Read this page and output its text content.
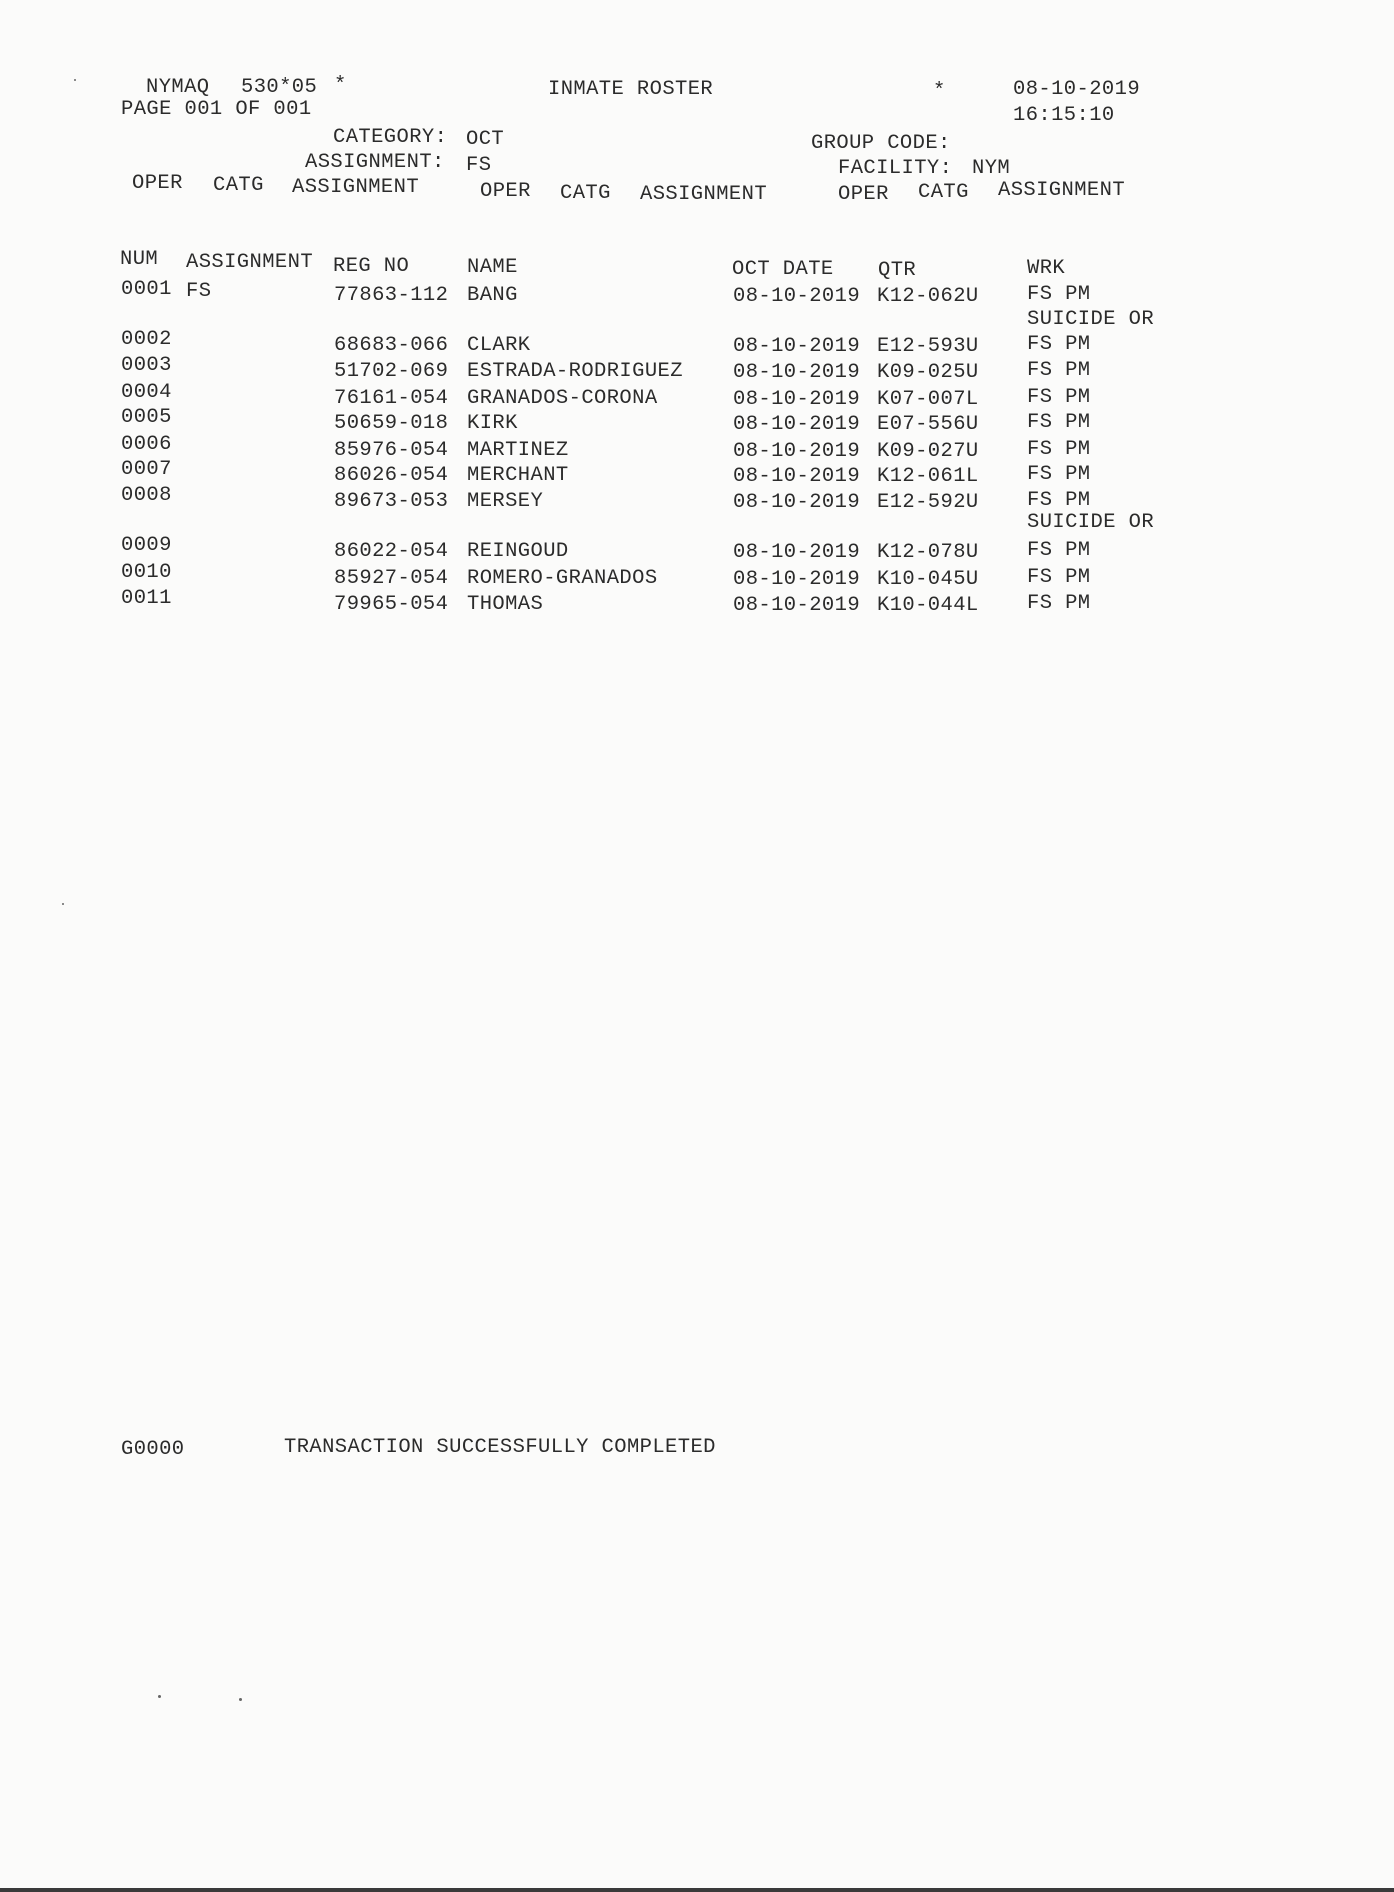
NYMAQ 530*05 *
PAGE 001 OF 001
INMATE ROSTER	*	08-10-2019
16:15:10
CATEGORY: OCT
ASSIGNMENT: FS
GROUP CODE:
FACILITY: NYM
OPER CATG ASSIGNMENT	OPER CATG ASSIGNMENT	OPER CATG ASSIGNMENT
NUM ASSIGNMENT REG NO	NAME	OCT DATE QTR	WRK
0001 FS	77863-112 BANG	08-10-2019 K12-062U FS PM
SUICIDE OR
0002	68683-066 CLARK	08-10-2019 E12-593U FS PM
0003	51702-069 ESTRADA-RODRIGUEZ 08-10-2019 K09-025U FS PM
0004	76161-054 GRANADOS-CORONA	08-10-2019 K07-007L FS PM
0005	50659-018 KIRK	08-10-2019 E07-556U FS PM
0006	85976-054 MARTINEZ	08-10-2019 K09-027U FS PM
0007	86026-054 MERCHANT	08-10-2019 K12-061L FS PM
0008	89673-053 MERSEY	08-10-2019 E12-592U FS PM
SUICIDE OR
0009	86022-054 REINGOUD	08-10-2019 K12-078U FS PM
0010	85927-054 ROMERO-GRANADOS	08-10-2019 K10-045U FS PM
0011	79965-054 THOMAS	08-10-2019 K10-044L FS PM
G0000	TRANSACTION SUCCESSFULLY COMPLETED
